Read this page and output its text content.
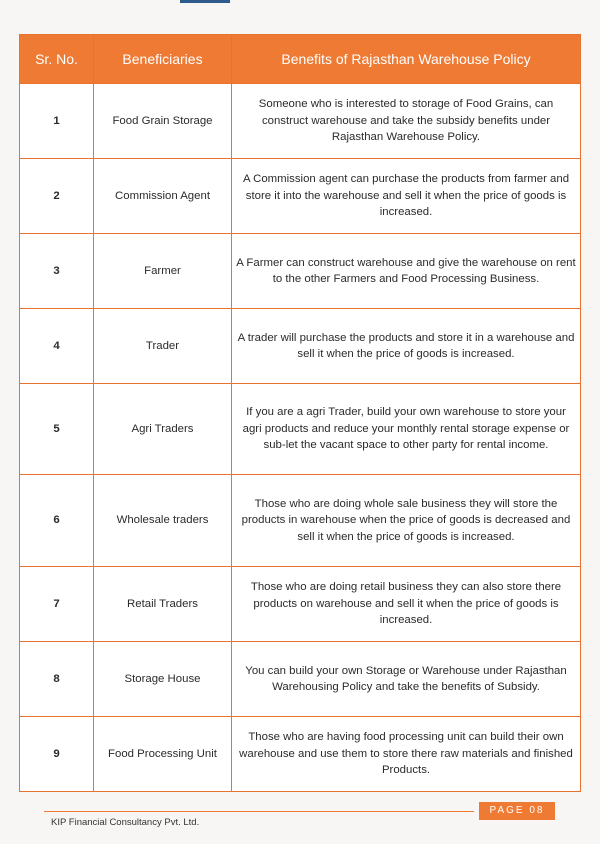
Sr. No.	Beneficiaries	Benefits of Rajasthan Warehouse Policy
1	Food Grain Storage	Someone who is interested to storage of Food Grains, can construct warehouse and take the subsidy benefits under Rajasthan Warehouse Policy.
2	Commission Agent	A Commission agent can purchase the products from farmer and store it into the warehouse and sell it when the price of goods is increased.
3	Farmer	A Farmer can construct warehouse and give the warehouse on rent to the other Farmers and Food Processing Business.
4	Trader	A trader will purchase the products and store it in a warehouse and sell it when the price of goods is increased.
5	Agri Traders	If you are a agri Trader, build your own warehouse to store your agri products and reduce your monthly rental storage expense or sub-let the vacant space to other party for rental income.
6	Wholesale traders	Those who are doing whole sale business they will store the products in warehouse when the price of goods is decreased and sell it when the price of goods is increased.
7	Retail Traders	Those who are doing retail business they can also store there products on warehouse and sell it when the price of goods is increased.
8	Storage House	You can build your own Storage or Warehouse under Rajasthan Warehousing Policy and take the benefits of Subsidy.
9	Food Processing Unit	Those who are having food processing unit can build their own warehouse and use them to store there raw materials and finished Products.
PAGE 08
KIP Financial Consultancy Pvt. Ltd.
